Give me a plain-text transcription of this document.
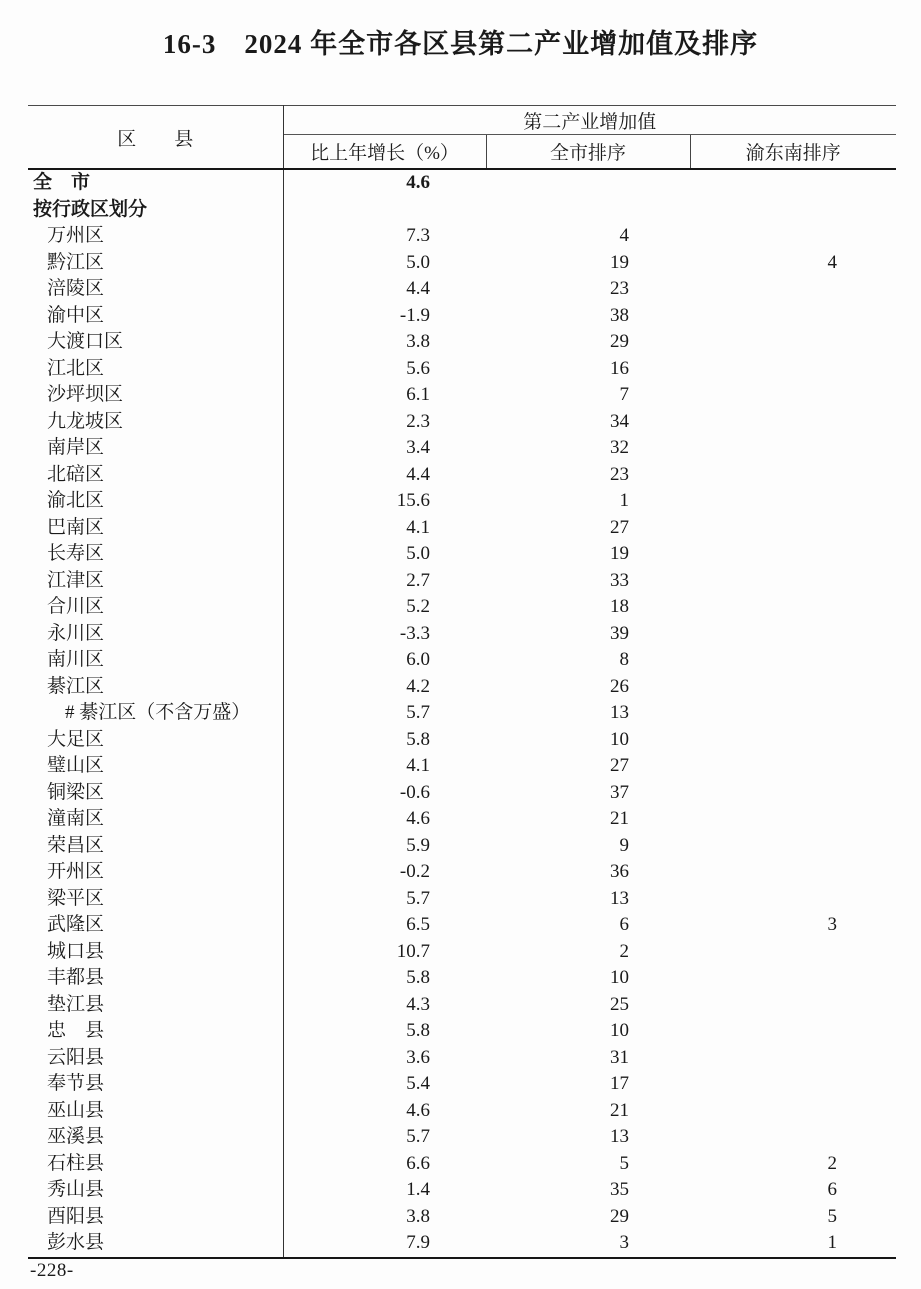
16-3　2024 年全市各区县第二产业增加值及排序
区　　县	第二产业增加值		
	比上年增长（%）	全市排序	渝东南排序
全　市	4.6		
按行政区划分			
万州区	7.3	4	
黔江区	5.0	19	4
涪陵区	4.4	23	
渝中区	-1.9	38	
大渡口区	3.8	29	
江北区	5.6	16	
沙坪坝区	6.1	7	
九龙坡区	2.3	34	
南岸区	3.4	32	
北碚区	4.4	23	
渝北区	15.6	1	
巴南区	4.1	27	
长寿区	5.0	19	
江津区	2.7	33	
合川区	5.2	18	
永川区	-3.3	39	
南川区	6.0	8	
綦江区	4.2	26	
# 綦江区（不含万盛）	5.7	13	
大足区	5.8	10	
璧山区	4.1	27	
铜梁区	-0.6	37	
潼南区	4.6	21	
荣昌区	5.9	9	
开州区	-0.2	36	
梁平区	5.7	13	
武隆区	6.5	6	3
城口县	10.7	2	
丰都县	5.8	10	
垫江县	4.3	25	
忠　县	5.8	10	
云阳县	3.6	31	
奉节县	5.4	17	
巫山县	4.6	21	
巫溪县	5.7	13	
石柱县	6.6	5	2
秀山县	1.4	35	6
酉阳县	3.8	29	5
彭水县	7.9	3	1
-228-
